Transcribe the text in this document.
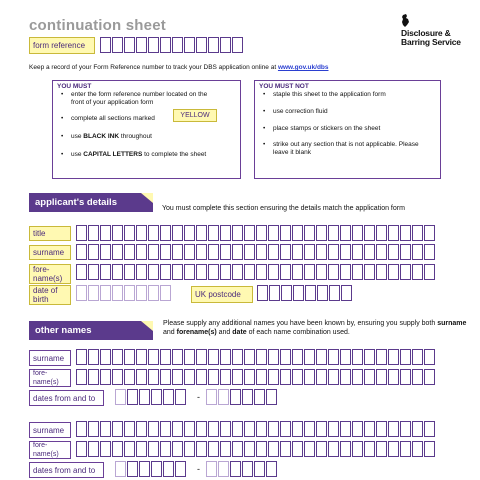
continuation sheet	Disclosure &
Barring Service
form reference
Keep a record of your Form Reference number to track your DBS application online at www.gov.uk/dbs
YOU MUST
• enter the form reference number located on the front of your application form
• complete all sections marked	YELLOW
• use BLACK INK throughout
• use CAPITAL LETTERS to complete the sheet
YOU MUST NOT
• staple this sheet to the application form
• use correction fluid
• place stamps or stickers on the sheet
• strike out any section that is not applicable. Please leave it blank
applicant's details
You must complete this section ensuring the details match the application form
title
surname
fore-
name(s)
date of
birth
UK postcode
other names
Please supply any additional names you have been known by, ensuring you supply both surname and forename(s) and date of each name combination used.
surname
fore-
name(s)
dates from and to	-
surname
fore-
name(s)
dates from and to	-
